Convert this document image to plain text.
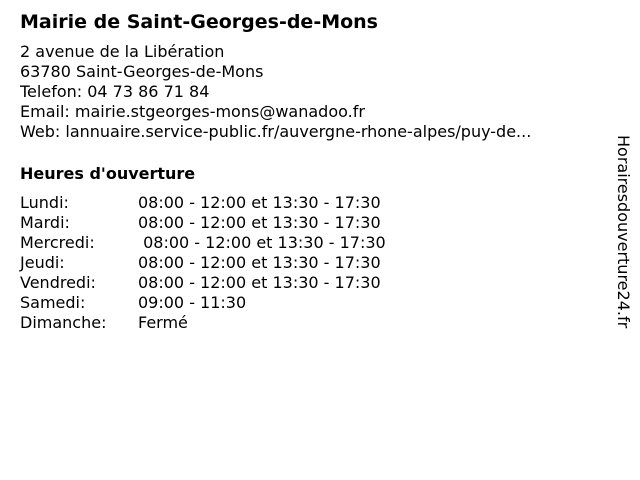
Mairie de Saint-Georges-de-Mons
2 avenue de la Libération
63780 Saint-Georges-de-Mons
Telefon: 04 73 86 71 84
Email: mairie.stgeorges-mons@wanadoo.fr
Web: lannuaire.service-public.fr/auvergne-rhone-alpes/puy-de...
Heures d'ouverture
Lundi:	08:00 - 12:00 et 13:30 - 17:30
Mardi:	08:00 - 12:00 et 13:30 - 17:30
Mercredi:	08:00 - 12:00 et 13:30 - 17:30
Jeudi:	08:00 - 12:00 et 13:30 - 17:30
Vendredi:	08:00 - 12:00 et 13:30 - 17:30
Samedi:	09:00 - 11:30
Dimanche:	Fermé	Horairesdouverture24.fr
